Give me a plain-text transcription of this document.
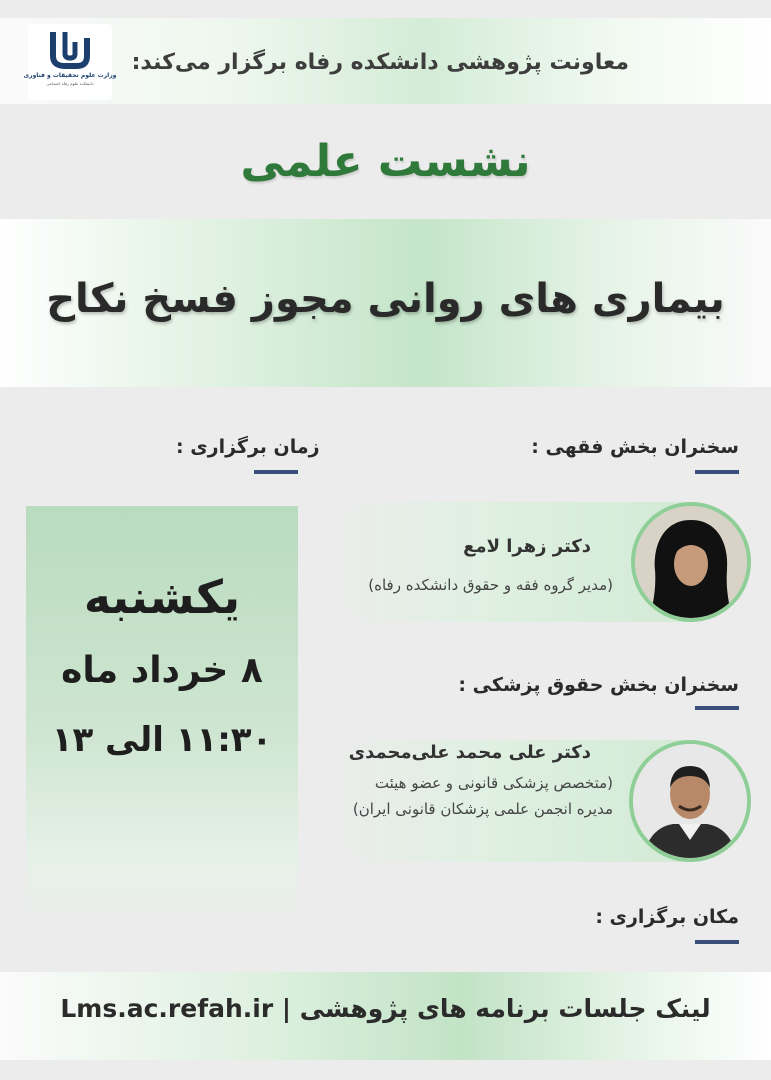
وزارت علوم تحقیقات و فناوری
دانشکده علوم رفاه اجتماعی
معاونت پژوهشی دانشکده رفاه برگزار می‌کند:
نشست علمی
بیماری های روانی مجوز فسخ نکاح
سخنران بخش فقهی :
زمان برگزاری :
دکتر زهرا لامع
(مدیر گروه فقه و حقوق دانشکده رفاه)
سخنران بخش حقوق پزشکی :
دکتر علی محمد علی‌محمدی
(متخصص پزشکی قانونی و عضو هیئت مدیره انجمن علمی پزشکان قانونی ایران)
یکشنبه
۸ خرداد ماه
۱۱:۳۰ الی ۱۳
مکان برگزاری :
لینک جلسات برنامه های پژوهشی | Lms.ac.refah.ir
